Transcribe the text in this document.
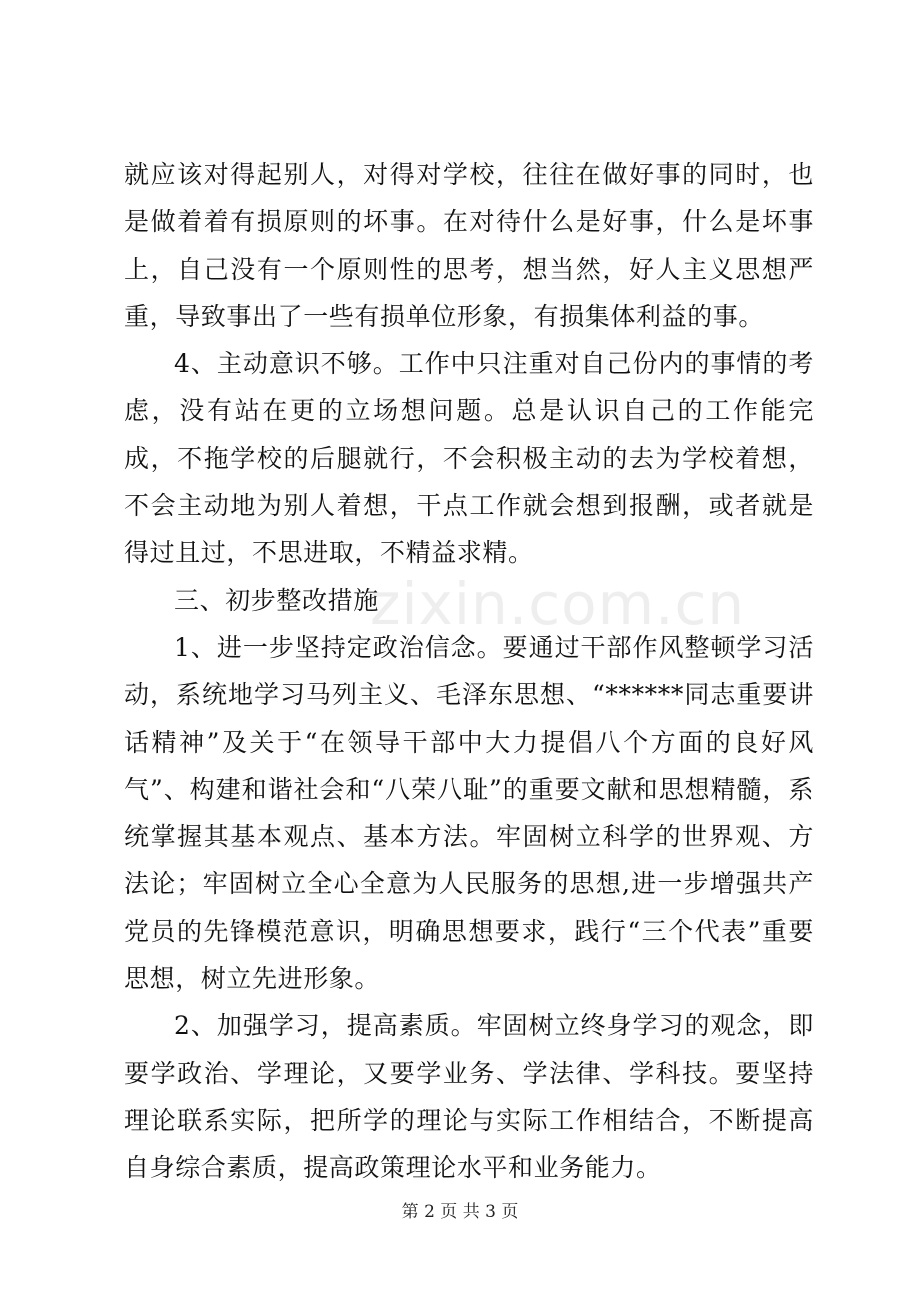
就应该对得起别人，对得对学校，往往在做好事的同时，也是做着着有损原则的坏事。在对待什么是好事，什么是坏事上，自己没有一个原则性的思考，想当然，好人主义思想严重，导致事出了一些有损单位形象，有损集体利益的事。

4、主动意识不够。工作中只注重对自己份内的事情的考虑，没有站在更的立场想问题。总是认识自己的工作能完成，不拖学校的后腿就行，不会积极主动的去为学校着想，不会主动地为别人着想，干点工作就会想到报酬，或者就是得过且过，不思进取，不精益求精。

三、初步整改措施

1、进一步坚持定政治信念。要通过干部作风整顿学习活动，系统地学习马列主义、毛泽东思想、“******同志重要讲话精神”及关于“在领导干部中大力提倡八个方面的良好风气”、构建和谐社会和“八荣八耻”的重要文献和思想精髓，系统掌握其基本观点、基本方法。牢固树立科学的世界观、方法论；牢固树立全心全意为人民服务的思想,进一步增强共产党员的先锋模范意识，明确思想要求，践行“三个代表”重要思想，树立先进形象。

2、加强学习，提高素质。牢固树立终身学习的观念，即要学政治、学理论，又要学业务、学法律、学科技。要坚持理论联系实际，把所学的理论与实际工作相结合，不断提高自身综合素质，提高政策理论水平和业务能力。

zixin.com.cn
第 2 页 共 3 页
